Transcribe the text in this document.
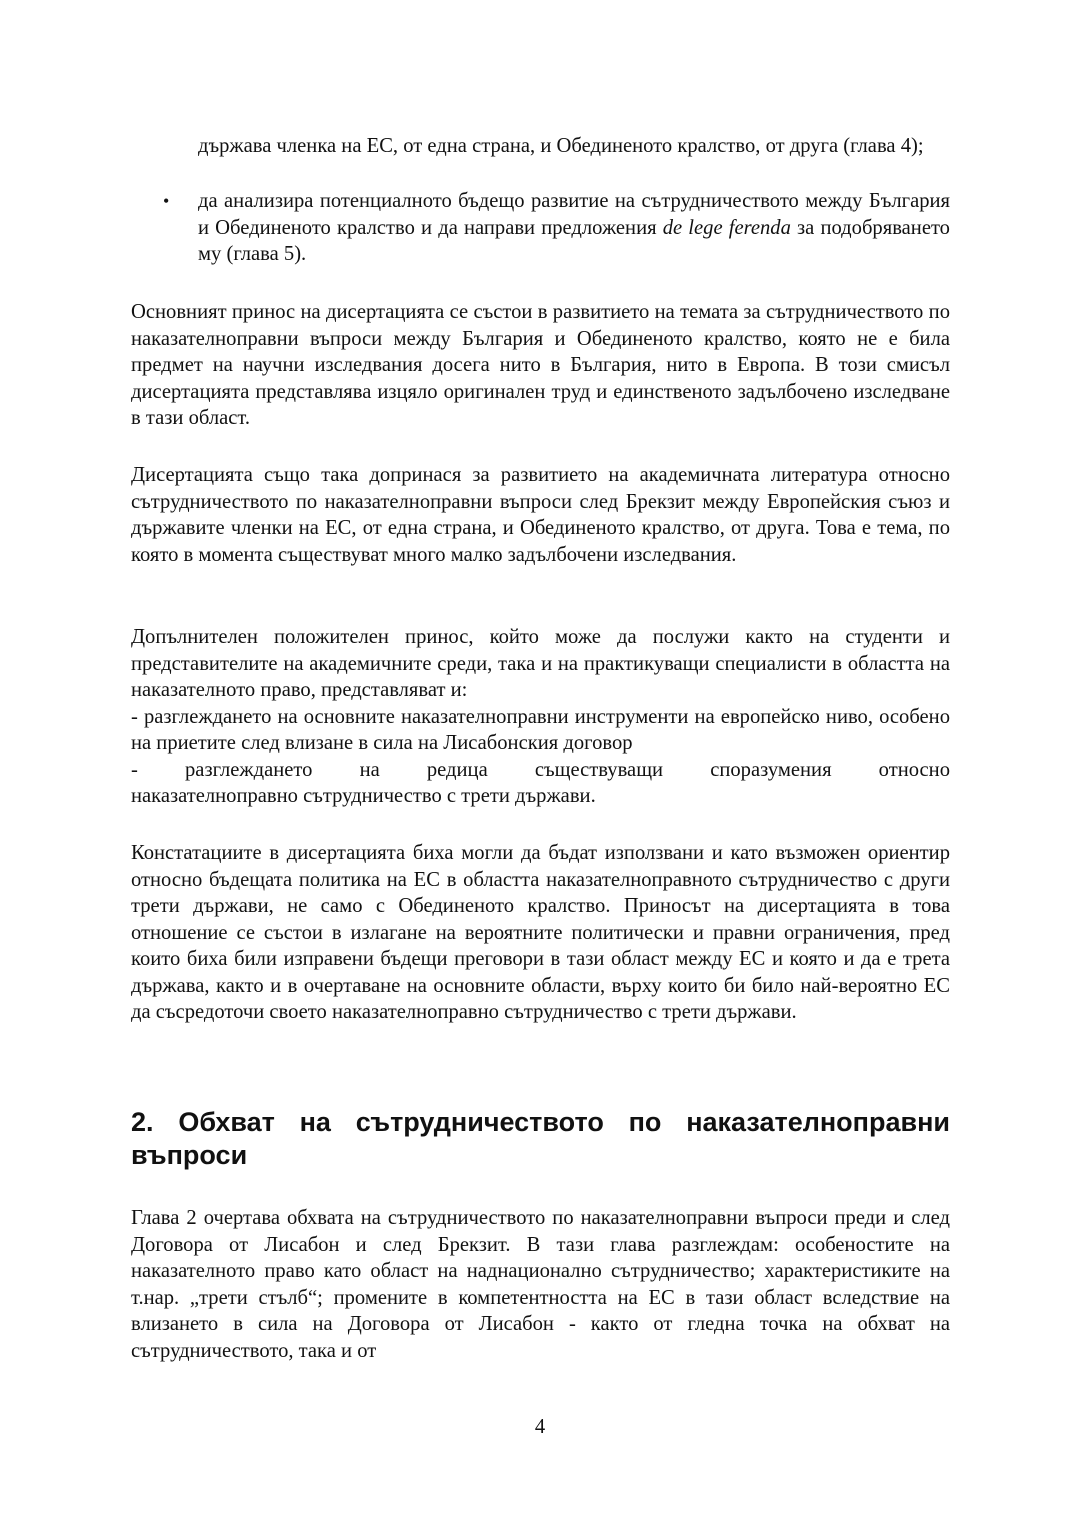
държава членка на ЕС, от една страна, и Обединеното кралство, от друга (глава 4);

• да анализира потенциалното бъдещо развитие на сътрудничеството между България и Обединеното кралство и да направи предложения de lege ferenda за подобряването му (глава 5).

Основният принос на дисертацията се състои в развитието на темата за сътрудничеството по наказателноправни въпроси между България и Обединеното кралство, която не е била предмет на научни изследвания досега нито в България, нито в Европа. В този смисъл дисертацията представлява изцяло оригинален труд и единственото задълбочено изследване в тази област.

Дисертацията също така допринася за развитието на академичната литература относно сътрудничеството по наказателноправни въпроси след Брекзит между Европейския съюз и държавите членки на ЕС, от една страна, и Обединеното кралство, от друга. Това е тема, по която в момента съществуват много малко задълбочени изследвания.

Допълнителен положителен принос, който може да послужи както на студенти и представителите на академичните среди, така и на практикуващи специалисти в областта на наказателното право, представляват и:
- разглеждането на основните наказателноправни инструменти на европейско ниво, особено на приетите след влизане в сила на Лисабонския договор
- разглеждането на редица съществуващи споразумения относно
наказателноправно сътрудничество с трети държави.

Констатациите в дисертацията биха могли да бъдат използвани и като възможен ориентир относно бъдещата политика на ЕС в областта наказателноправното сътрудничество с други трети държави, не само с Обединеното кралство. Приносът на дисертацията в това отношение се състои в излагане на вероятните политически и правни ограничения, пред които биха били изправени бъдещи преговори в тази област между ЕС и която и да е трета държава, както и в очертаване на основните области, върху които би било най-вероятно ЕС да съсредоточи своето наказателноправно сътрудничество с трети държави.

2. Обхват на сътрудничеството по наказателноправни въпроси

Глава 2 очертава обхвата на сътрудничеството по наказателноправни въпроси преди и след Договора от Лисабон и след Брекзит. В тази глава разглеждам: особеностите на наказателното право като област на наднационално сътрудничество; характеристиките на т.нар. „трети стълб“; промените в компетентността на ЕС в тази област вследствие на влизането в сила на Договора от Лисабон - както от гледна точка на обхват на сътрудничеството, така и от

4
